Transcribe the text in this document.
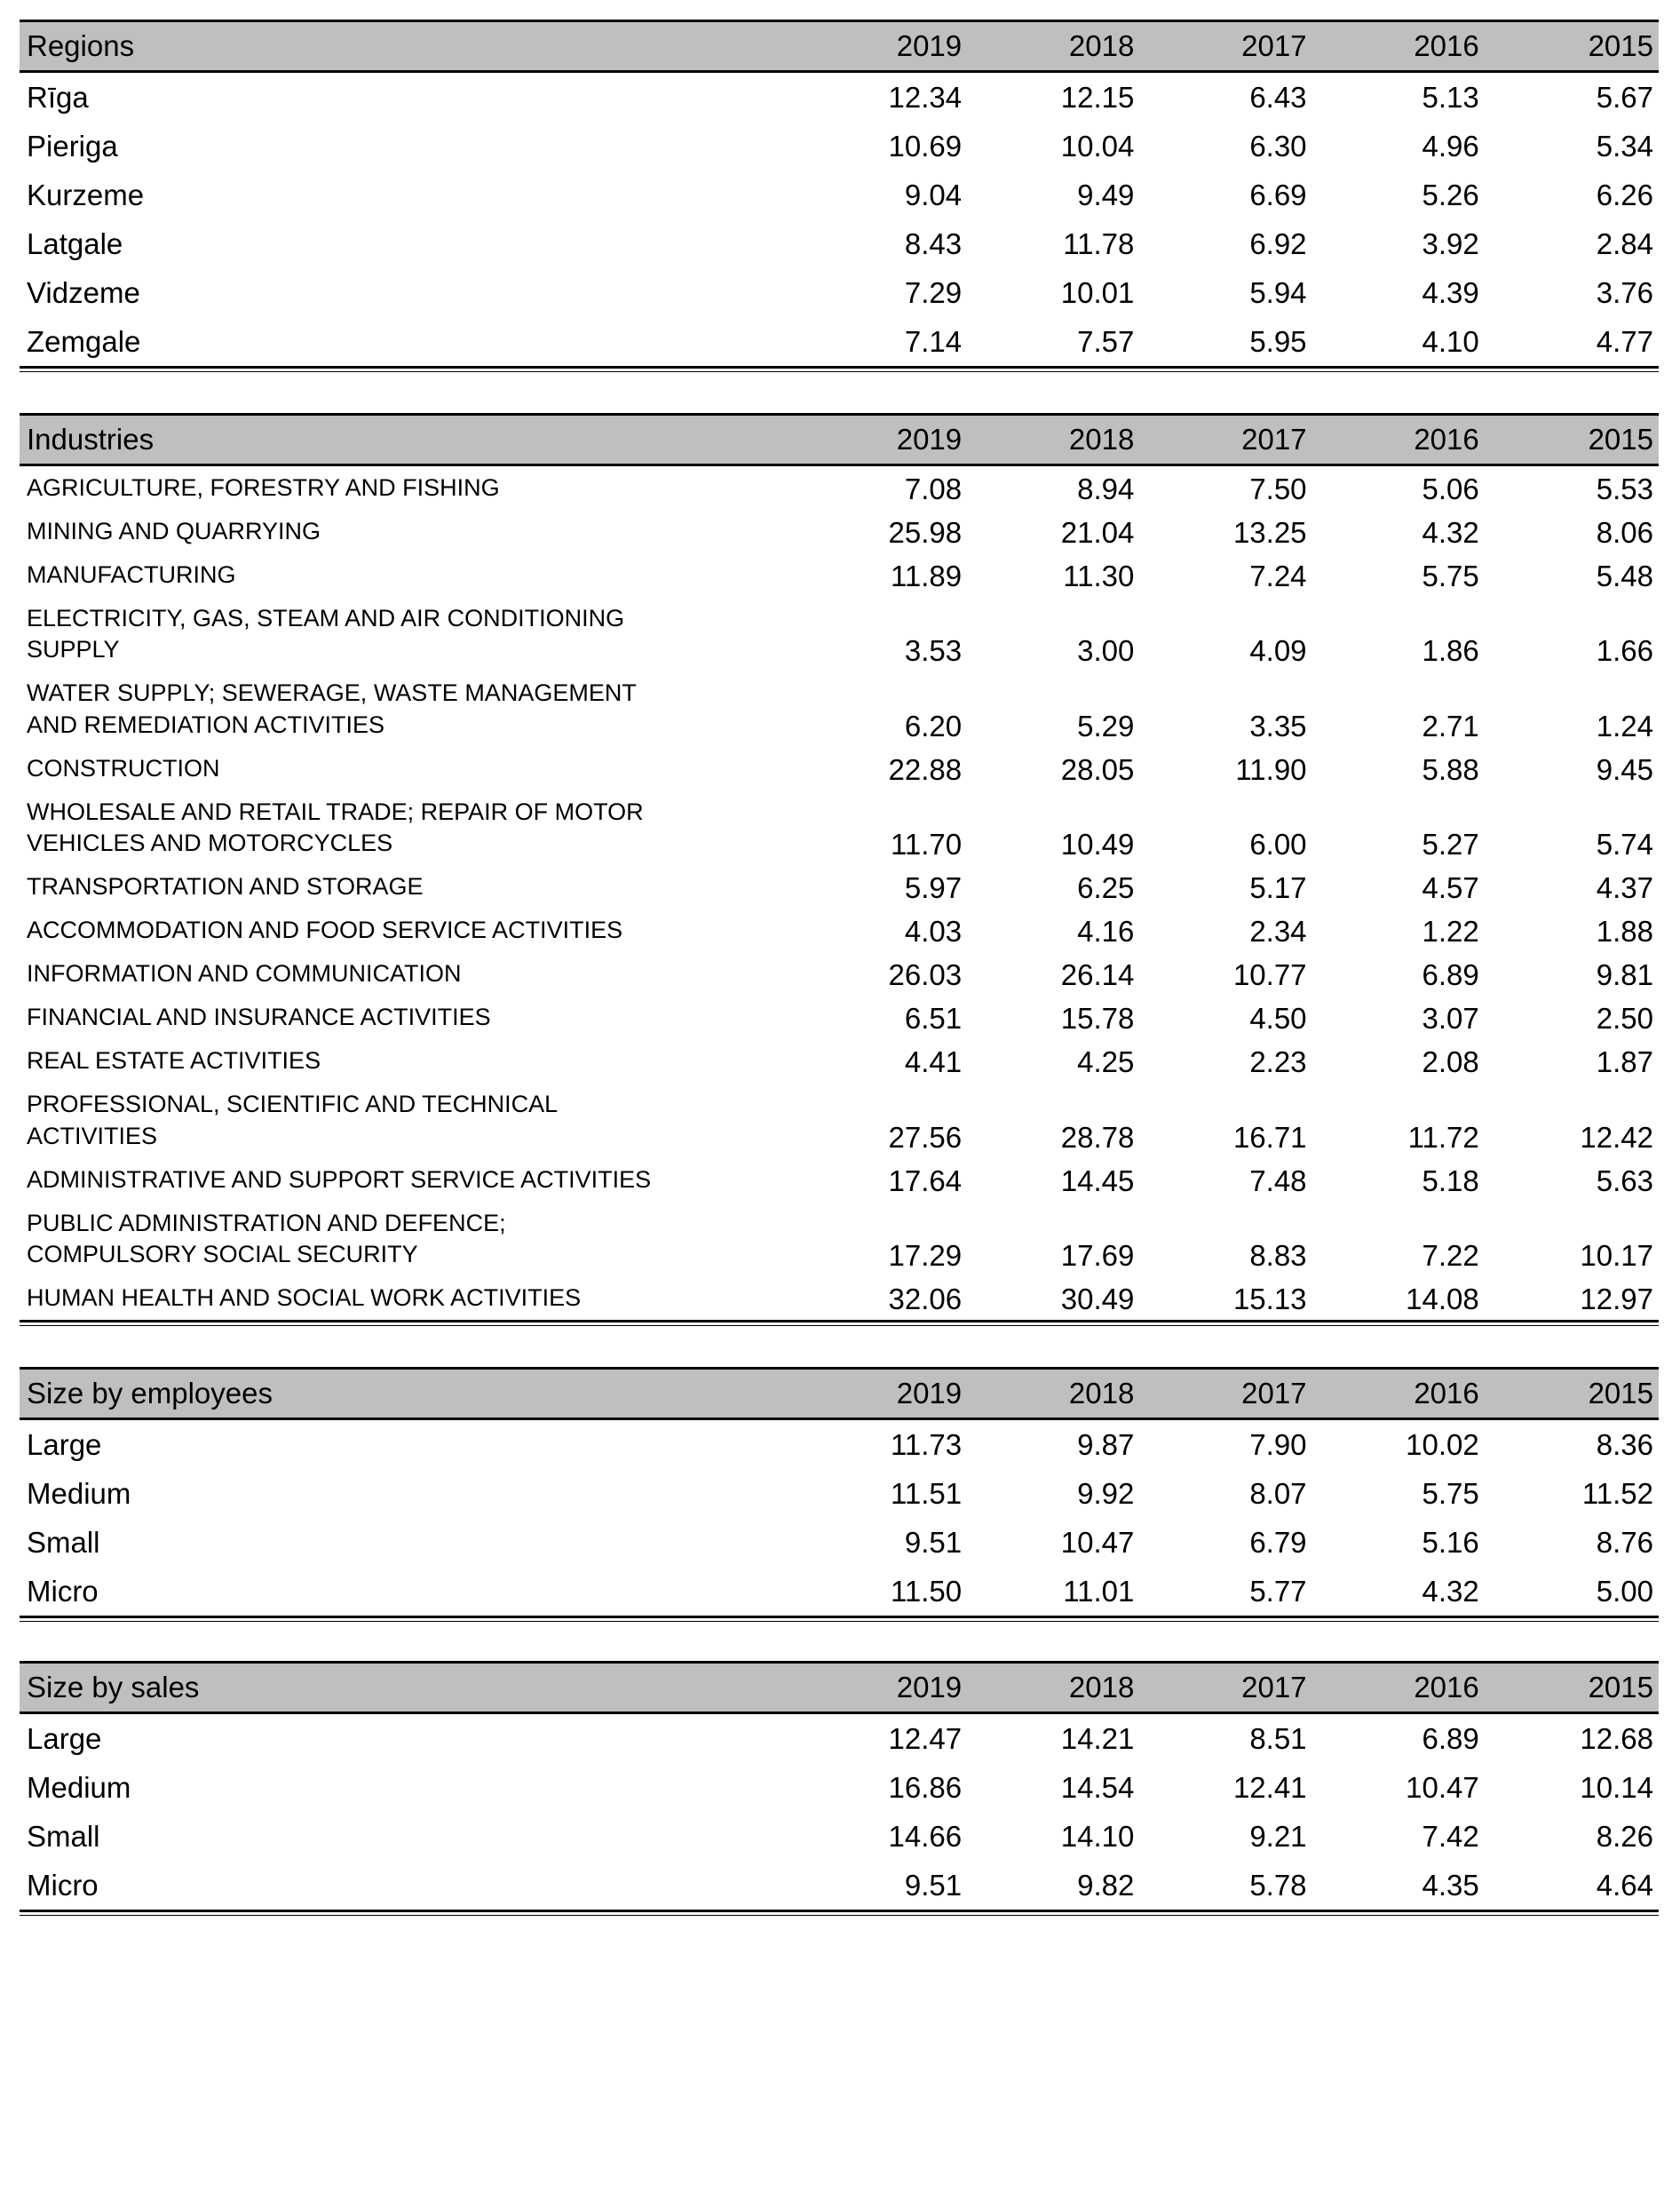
Regions	2019	2018	2017	2016	2015
Rīga	12.34	12.15	6.43	5.13	5.67
Pieriga	10.69	10.04	6.30	4.96	5.34
Kurzeme	9.04	9.49	6.69	5.26	6.26
Latgale	8.43	11.78	6.92	3.92	2.84
Vidzeme	7.29	10.01	5.94	4.39	3.76
Zemgale	7.14	7.57	5.95	4.10	4.77
Industries	2019	2018	2017	2016	2015
AGRICULTURE, FORESTRY AND FISHING	7.08	8.94	7.50	5.06	5.53
MINING AND QUARRYING	25.98	21.04	13.25	4.32	8.06
MANUFACTURING	11.89	11.30	7.24	5.75	5.48

ELECTRICITY, GAS, STEAM AND AIR CONDITIONING
SUPPLY	3.53	3.00	4.09	1.86	1.66

WATER SUPPLY; SEWERAGE, WASTE MANAGEMENT
AND REMEDIATION ACTIVITIES	6.20	5.29	3.35	2.71	1.24
CONSTRUCTION	22.88	28.05	11.90	5.88	9.45

WHOLESALE AND RETAIL TRADE; REPAIR OF MOTOR
VEHICLES AND MOTORCYCLES	11.70	10.49	6.00	5.27	5.74
TRANSPORTATION AND STORAGE	5.97	6.25	5.17	4.57	4.37
ACCOMMODATION AND FOOD SERVICE ACTIVITIES	4.03	4.16	2.34	1.22	1.88
INFORMATION AND COMMUNICATION	26.03	26.14	10.77	6.89	9.81
FINANCIAL AND INSURANCE ACTIVITIES	6.51	15.78	4.50	3.07	2.50
REAL ESTATE ACTIVITIES	4.41	4.25	2.23	2.08	1.87

PROFESSIONAL, SCIENTIFIC AND TECHNICAL
ACTIVITIES	27.56	28.78	16.71	11.72	12.42
ADMINISTRATIVE AND SUPPORT SERVICE ACTIVITIES	17.64	14.45	7.48	5.18	5.63

PUBLIC ADMINISTRATION AND DEFENCE;
COMPULSORY SOCIAL SECURITY	17.29	17.69	8.83	7.22	10.17
HUMAN HEALTH AND SOCIAL WORK ACTIVITIES	32.06	30.49	15.13	14.08	12.97
Size by employees	2019	2018	2017	2016	2015
Large	11.73	9.87	7.90	10.02	8.36
Medium	11.51	9.92	8.07	5.75	11.52
Small	9.51	10.47	6.79	5.16	8.76
Micro	11.50	11.01	5.77	4.32	5.00
Size by sales	2019	2018	2017	2016	2015
Large	12.47	14.21	8.51	6.89	12.68
Medium	16.86	14.54	12.41	10.47	10.14
Small	14.66	14.10	9.21	7.42	8.26
Micro	9.51	9.82	5.78	4.35	4.64
